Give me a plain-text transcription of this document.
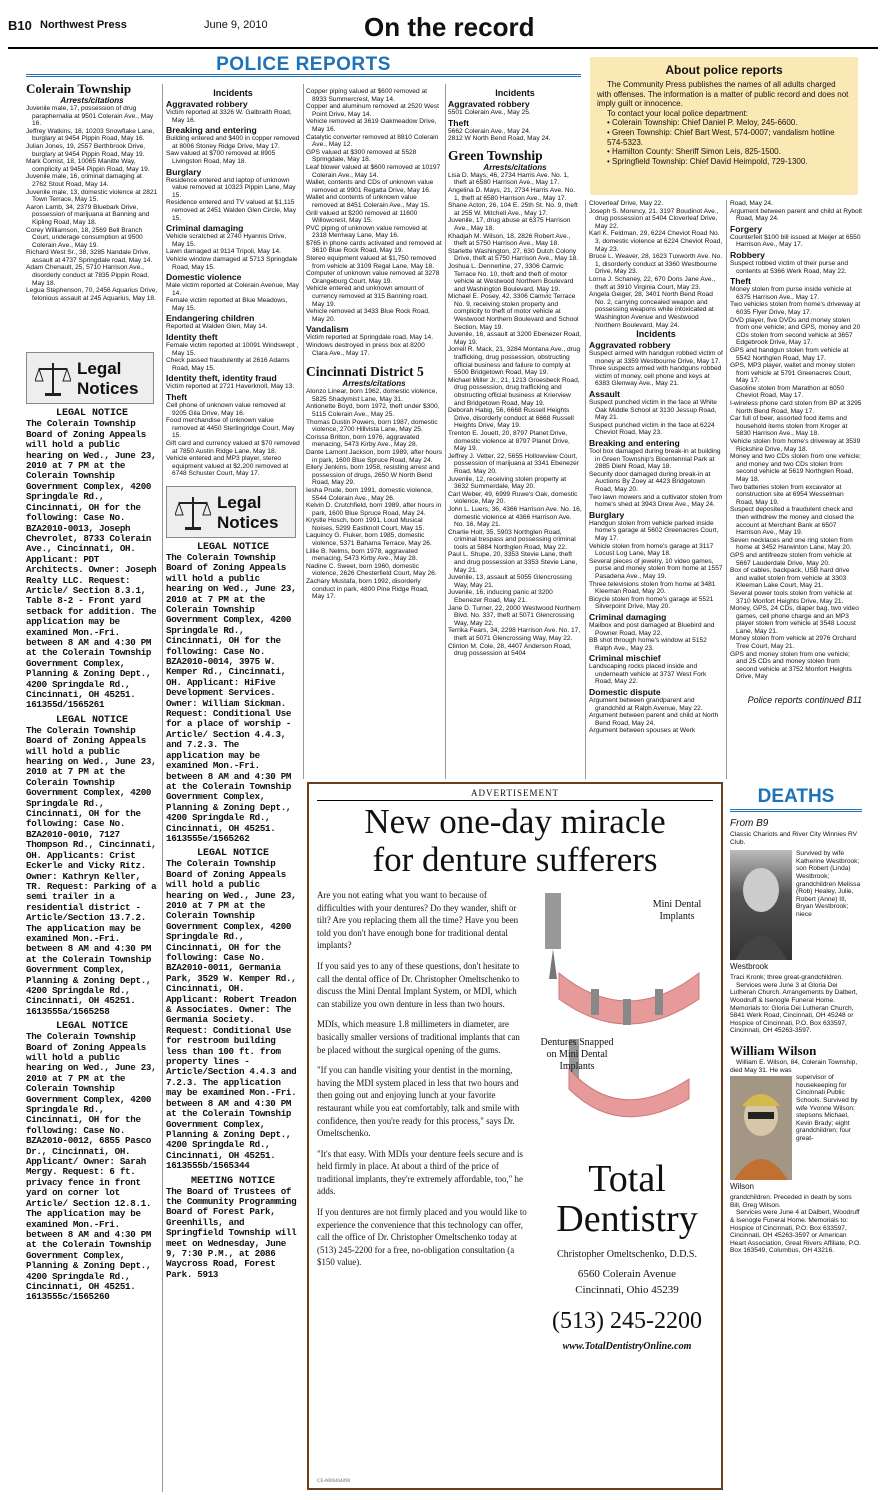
B10 Northwest Press	June 9, 2010	On the record
POLICE REPORTS	About police reports
The Community Press publishes the names of all adults charged with offenses. The information is a matter of public record and does not imply guilt or innocence.
To contact your local police department:
• Colerain Township: Chief Daniel P. Meloy, 245-6600.
• Green Township: Chief Bart West, 574-0007; vandalism hotline 574-5323.
• Hamilton County: Sheriff Simon Leis, 825-1500.
• Springfield Township: Chief David Heimpold, 729-1300.
Colerain Township
Arrests/citations

Juvenile male, 17, possession of drug paraphernalia at 9501 Colerain Ave., May 16.

Jeffrey Watkins, 18, 10203 Snowflake Lane, burglary at 9454 Pippin Road, May 16.

Julian Jones, 19, 2557 Berthbrook Drive, burglary at 9454 Pippin Road, May 19.

Mark Comist, 18, 10065 Manitte Way, complicity at 9454 Pippin Road, May 19.

Juvenile male, 16, criminal damaging at 2762 Stout Road, May 14.

Juvenile male, 13, domestic violence at 2821 Town Terrace, May 15.

Aaron Lamb, 34, 2379 Bluebark Drive, possession of marijuana at Banning and Kipling Road, May 18.

Corey Williamson, 18, 2569 Bell Branch Court, underage consumption at 9500 Colerain Ave., May 19.

Richard West Sr., 38, 3285 Nandale Drive, assault at 4737 Springdale road, May 14.

Adam Chenault, 25, 5710 Harrison Ave., disorderly conduct at 7835 Pippin Road, May 18.

Legua Stephenson, 70, 2456 Aquarius Drive, felonious assault at 245 Aquarius, May 18.

Legal
Notices
LEGAL NOTICE
The Colerain Township Board of Zoning Appeals will hold a public hearing on Wed., June 23, 2010 at 7 PM at the Colerain Township Government Complex, 4200 Springdale Rd., Cincinnati, OH for the following: Case No. BZA2010-0013, Joseph Chevrolet, 8733 Colerain Ave., Cincinnati, OH. Applicant: PDT Architects. Owner: Joseph Realty LLC. Request: Article/ Section 8.3.1, Table 8-2 - Front yard setback for addition. The application may be examined Mon.-Fri. between 8 AM and 4:30 PM at the Colerain Township Government Complex, Planning & Zoning Dept., 4200 Springdale Rd., Cincinnati, OH 45251. 161355d/1565261
LEGAL NOTICE
The Colerain Township Board of Zoning Appeals will hold a public hearing on Wed., June 23, 2010 at 7 PM at the Colerain Township Government Complex, 4200 Springdale Rd., Cincinnati, OH for the following: Case No. BZA2010-0010, 7127 Thompson Rd., Cincinnati, OH. Applicants: Crist Eckerle and Vicky Ritz. Owner: Kathryn Keller, TR. Request: Parking of a semi trailer in a residential district - Article/Section 13.7.2. The application may be examined Mon.-Fri. between 8 AM and 4:30 PM at the Colerain Township Government Complex, Planning & Zoning Dept., 4200 Springdale Rd., Cincinnati, OH 45251. 1613555a/1565258
LEGAL NOTICE
The Colerain Township Board of Zoning Appeals will hold a public hearing on Wed., June 23, 2010 at 7 PM at the Colerain Township Government Complex, 4200 Springdale Rd., Cincinnati, OH for the following: Case No. BZA2010-0012, 6855 Pasco Dr., Cincinnati, OH. Applicant/ Owner: Sarah Mergy. Request: 6 ft. privacy fence in front yard on corner lot Article/ Section 12.8.1. The application may be examined Mon.-Fri. between 8 AM and 4:30 PM at the Colerain Township Government Complex, Planning & Zoning Dept., 4200 Springdale Rd., Cincinnati, OH 45251. 1613555c/1565260
Incidents
Aggravated robbery

Victim reported at 3326 W. Galbraith Road, May 16.

Breaking and entering

Building entered and $400 in copper removed at 8006 Stoney Ridge Drive, May 17.

Saw valued at $700 removed at 8905 Livingston Road, May 18.

Burglary

Residence entered and laptop of unknown value removed at 10323 Pippin Lane, May 15.

Residence entered and TV valued at $1,115 removed at 2451 Walden Glen Circle, May 15.

Criminal damaging

Vehicle scratched at 2740 Hyannis Drive, May 15.

Lawn damaged at 9114 Tripoli, May 14.

Vehicle window damaged at 5713 Springdale Road, May 15.

Domestic violence

Male victim reported at Colerain Avenue, May 14.

Female victim reported at Blue Meadows, May 15.

Endangering children

Reported at Walden Glen, May 14.

Identity theft

Female victim reported at 10091 Windswept , May 15.

Check passed fraudulently at 2616 Adams Road, May 15.

Identity theft, identity fraud

Victim reported at 2721 Haverknoll, May 13.

Theft

Cell phone of unknown value removed at 9205 Gila Drive, May 16.

Food merchandise of unknown value removed at 4450 Sterlingridge Court, May 15.

Gift card and currency valued at $70 removed at 7850 Austin Ridge Lane, May 18.

Vehicle entered and MP3 player, stereo equipment valued at $2,200 removed at 6748 Schuster Court, May 17.

Legal
Notices
LEGAL NOTICE
The Colerain Township Board of Zoning Appeals will hold a public hearing on Wed., June 23, 2010 at 7 PM at the Colerain Township Government Complex, 4200 Springdale Rd., Cincinnati, OH for the following: Case No. BZA2010-0014, 3975 W. Kemper Rd., Cincinnati, OH. Applicant: HiFive Development Services. Owner: William Sickman. Request: Conditional Use for a place of worship - Article/ Section 4.4.3, and 7.2.3. The application may be examined Mon.-Fri. between 8 AM and 4:30 PM at the Colerain Township Government Complex, Planning & Zoning Dept., 4200 Springdale Rd., Cincinnati, OH 45251. 1613555e/1565262
LEGAL NOTICE
The Colerain Township Board of Zoning Appeals will hold a public hearing on Wed., June 23, 2010 at 7 PM at the Colerain Township Government Complex, 4200 Springdale Rd., Cincinnati, OH for the following: Case No. BZA2010-0011, Germania Park, 3529 W. Kemper Rd., Cincinnati, OH. Applicant: Robert Treadon & Associates. Owner: The Germania Society. Request: Conditional Use for restroom building less than 100 ft. from property lines - Article/Section 4.4.3 and 7.2.3. The application may be examined Mon.-Fri. between 8 AM and 4:30 PM at the Colerain Township Government Complex, Planning & Zoning Dept., 4200 Springdale Rd., Cincinnati, OH 45251. 1613555b/1565344
MEETING NOTICE
The Board of Trustees of the Community Programming Board of Forest Park, Greenhills, and Springfield Township will meet on Wednesday, June 9, 7:30 P.M., at 2086 Waycross Road, Forest Park. 5913

Copper piping valued at $600 removed at 8933 Summercrest, May 14.

Copper and aluminum removed at 2520 West Point Drive, May 14.

Vehicle removed at 3619 Oakmeadow Drive, May 16.

Catalytic converter removed at 8810 Colerain Ave., May 12.

GPS valued at $300 removed at 5528 Springdale, May 18.

Leaf blower valued at $600 removed at 10197 Colerain Ave., May 14.

Wallet, contents and CDs of unknown value removed at 9901 Regatta Drive, May 16.

Wallet and contents of unknown value removed at 8451 Colerain Ave., May 15.

Grill valued at $200 removed at 11600 Willowcrest, May 15.

PVC piping of unknown value removed at 2318 Merriway Lane, May 16.

$765 in phone cards activated and removed at 3610 Blue Rock Road, May 19.

Stereo equipment valued at $1,750 removed from vehicle at 3109 Regal Lane, May 18.

Computer of unknown value removed at 3278 Orangeburg Court, May 19.

Vehicle entered and unknown amount of currency removed at 315 Banning road, May 19.

Vehicle removed at 3433 Blue Rock Road, May 20.

Vandalism

Victim reported at Springdale road, May 14.

Windows destroyed in press box at 8200 Clara Ave., May 17.

Cincinnati District 5
Arrests/citations

Alonzo Linear, born 1962, domestic violence, 5825 Shadymist Lane, May 31.

Antionette Boyd, born 1972, theft under $300, 5115 Colerain Ave., May 25.

Thomas Dustin Powers, born 1987, domestic violence, 2700 Hillvista Lane, May 25.

Corissa Britton, born 1976, aggravated menacing, 5473 Kirby Ave., May 28.

Dante Lamont Jackson, born 1989, after hours in park, 1600 Blue Spruce Road, May 24.

Ellery Jenkins, born 1958, resisting arrest and possession of drugs, 2650 W North Bend Road, May 29.

Iesha Prude, born 1991, domestic violence, 5544 Colerain Ave., May 26.

Kelvin D. Crutchfield, born 1989, after hours in park, 1600 Blue Spruce Road, May 24.

Krystle Hosch, born 1991, Loud Musical Noises, 5299 Eastknoll Court, May 15.

Laquincy G. Fluker, born 1985, domestic violence, 5371 Bahama Terrace, May 26.

Lillie B. Nelms, born 1978, aggravated menacing, 5473 Kirby Ave., May 28.

Nadine C. Sweet, born 1960, domestic violence, 2626 Chesterfield Court, May 26.

Zachary Mustafa, born 1992, disorderly conduct in park, 4800 Pine Ridge Road, May 17.

Incidents
Aggravated robbery

5501 Colerain Ave., May 25.

Theft

5662 Colerain Ave., May 24.

2812 W North Bend Road, May 24.

Green Township
Arrests/citations

Lisa D. Mays, 46, 2734 Harris Ave. No. 1, theft at 6580 Harrison Ave., May 17.

Angelina D. Mays, 21, 2734 Harris Ave. No. 1, theft at 6580 Harrison Ave., May 17.

Shane Acton, 26, 104 E. 25th St. No. 9, theft at 255 W. Mitchell Ave., May 17.

Juvenile, 17, drug abuse at 6375 Harrison Ave., May 18.

Khadjah M. Wilson, 18, 2826 Robert Ave., theft at 5750 Harrison Ave., May 18.

Starlette Washington, 27, 630 Dutch Colony Drive, theft at 5750 Harrison Ave., May 18.

Joshua L. Dennerline, 27, 3306 Camvic Terrace No. 10, theft and theft of motor vehicle at Westwood Northern Boulevard and Washington Boulevard, May 19.

Michael E. Posey, 42, 3306 Camvic Terrace No. 9, receiving stolen property and complicity to theft of motor vehicle at Westwood Northern Boulevard and School Section, May 19.

Juvenile, 16, assault at 3200 Ebenezer Road, May 19.

Jorrell R. Mack, 21, 3284 Montana Ave., drug trafficking, drug possession, obstructing official business and failure to comply at 5500 Bridgetown Road, May 19.

Michael Miller Jr., 21, 1213 Groesbeck Road, drug possession, drug trafficking and obstructing official business at Krierview and Bridgetown Road, May 19.

Deborah Habig, 56, 6668 Russell Heights Drive, disorderly conduct at 6668 Russell Heights Drive, May 19.

Trenton E. Jouett, 20, 8797 Planet Drive, domestic violence at 8797 Planet Drive, May 19.

Jeffrey J. Vetter, 22, 5655 Hollowview Court, possession of marijuana at 3341 Ebenezer Road, May 20.

Juvenile, 12, receiving stolen property at 3632 Summerdale, May 20.

Carl Weber, 49, 6999 Ruwe's Oak, domestic violence, May 20.

John L. Luers, 36, 4366 Harrison Ave. No. 16, domestic violence at 4366 Harrison Ave. No. 16, May 21.

Charlie Holt, 35, 5903 Northglen Road, criminal trespass and possessing criminal tools at 5884 Northglen Road, May 22.

Paul L. Shupe, 20, 3353 Stevie Lane, theft and drug possession at 3353 Stevie Lane, May 21.

Juvenile, 13, assault at 5055 Glencrossing Way, May 21.

Juvenile, 16, inducing panic at 3200 Ebenezer Road, May 21.

Jane D. Turner, 22, 2000 Westwood Northern Blvd. No. 337, theft at 5071 Glencrossing Way, May 22.

Terrika Fears, 34, 2298 Harrison Ave. No. 17, theft at 5071 Glencrossing Way, May 22.

Clinton M. Cole, 28, 4407 Anderson Road, drug possession at 5404

Cloverleaf Drive, May 22.

Joseph S. Morency, 21, 3197 Boudinot Ave., drug possession at 5404 Cloverleaf Drive, May 22.

Karl K. Feldman, 29, 6224 Cheviot Road No. 3, domestic violence at 6224 Cheviot Road, May 23.

Bruce L. Weaver, 28, 1623 Tuxworth Ave. No. 1, disorderly conduct at 3360 Westbourne Drive, May 23.

Lorna J. Schaney, 22, 670 Doris Jane Ave., theft at 3910 Virginia Court, May 23.

Angela Geiger, 28, 3401 North Bend Road No. 2, carrying concealed weapon and possessing weapons while intoxicated at Washington Avenue and Westwood Northern Boulevard, May 24.

Incidents
Aggravated robbery

Suspect armed with handgun robbed victim of money at 3359 Westbourne Drive, May 17.

Three suspects armed with handguns robbed victim of money, cell phone and keys at 6383 Glenway Ave., May 21.

Assault

Suspect punched victim in the face at White Oak Middle School at 3130 Jessup Road, May 21.

Suspect punched victim in the face at 6224 Cheviot Road, May 23.

Breaking and entering

Tool box damaged during break-in at building in Green Township's Bicentennial Park at 2885 Diehl Road, May 18.

Security door damaged during break-in at Auctions By Zoey at 4423 Bridgetown Road, May 20.

Two lawn mowers and a cultivator stolen from home's shed at 3943 Drew Ave., May 24.

Burglary

Handgun stolen from vehicle parked inside home's garage at 5602 Greenacres Court, May 17.

Vehicle stolen from home's garage at 3117 Locust Log Lane, May 18.

Several pieces of jewelry, 10 video games, purse and money stolen from home at 1557 Pasadena Ave., May 19.

Three televisions stolen from home at 3481 Kleeman Road, May 20.

Bicycle stolen from home's garage at 5521 Silverpoint Drive, May 20.

Criminal damaging

Mailbox and post damaged at Bluebird and Powner Road, May 22.

BB shot through home's window at 5152 Ralph Ave., May 23.

Criminal mischief

Landscaping rocks placed inside and underneath vehicle at 3737 West Fork Road, May 22.

Domestic dispute

Argument between grandparent and grandchild at Ralph Avenue, May 22.

Argument between parent and child at North Bend Road, May 24.

Argument between spouses at Werk

Road, May 24.

Argument between parent and child at Rybolt Road, May 24.

Forgery

Counterfeit $100 bill issued at Meijer at 6550 Harrison Ave., May 17.

Robbery

Suspect robbed victim of their purse and contents at 5366 Werk Road, May 22.

Theft

Money stolen from purse inside vehicle at 6375 Harrison Ave., May 17.

Two vehicles stolen from home's driveway at 6035 Flyer Drive, May 17.

DVD player, five DVDs and money stolen from one vehicle; and GPS, money and 20 CDs stolen from second vehicle at 3657 Edgebrook Drive, May 17.

GPS and handgun stolen from vehicle at 5542 Northglen Road, May 17.

GPS, MP3 player, wallet and money stolen from vehicle at 5791 Greenacres Court, May 17.

Gasoline stolen from Marathon at 6050 Cheviot Road, May 17.

I-wireless phone card stolen from BP at 3295 North Bend Road, May 17.

Car full of beer, assorted food items and household items stolen from Kroger at 5830 Harrison Ave., May 18.

Vehicle stolen from home's driveway at 3539 Rickshire Drive, May 18.

Money and two CDs stolen from one vehicle; and money and two CDs stolen from second vehicle at 5619 Northglen Road, May 18.

Two batteries stolen from excavator at construction site at 6954 Wesselman Road, May 19.

Suspect deposited a fraudulent check and then withdrew the money and closed the account at Merchant Bank at 6507 Harrison Ave., May 19.

Seven necklaces and one ring stolen from home at 3452 Harwinton Lane, May 20.

GPS and antifreeze stolen from vehicle at 5667 Lauderdale Drive, May 20.

Box of cables, backpack, USB hard drive and wallet stolen from vehicle at 3303 Kleeman Lake Court, May 21.

Several power tools stolen from vehicle at 3710 Monfort Heights Drive, May 21.

Money, GPS, 24 CDs, diaper bag, two video games, cell phone charge and an MP3 player stolen from vehicle at 3548 Locust Lane, May 21.

Money stolen from vehicle at 2976 Orchard Tree Court, May 21.

GPS and money stolen from one vehicle; and 25 CDs and money stolen from second vehicle at 3752 Monfort Heights Drive, May

Police reports continued B11
DEATHS
From B9
Classic Chariots and River City Winnies RV Club.
Westbrook
Survived by wife Katherine Westbrook; son Robert (Linda) Westbrook; grandchildren Melissa (Rob) Healey, Julie, Robert (Anne) III, Bryan Westbrook; niece
Traci Kronk; three great-grandchildren.
Services were June 3 at Gloria Dei Lutheran Church. Arrangements by Dalbert, Woodruff & Isenogle Funeral Home. Memorials to: Gloria Dei Lutheran Church, 5841 Werk Road, Cincinnati, OH 45248 or Hospice of Cincinnati, P.O. Box 633597, Cincinnati, OH 45263-3597.
William Wilson
William E. Wilson, 84, Colerain Township, died May 31. He was
Wilson
supervisor of housekeeping for Cincinnati Public Schools. Survived by wife Yvonne Wilson; stepsons Michael, Kevin Brady; eight grandchildren; four great-
grandchildren. Preceded in death by sons Bill, Greg Wilson.
Services were June 4 at Dalbert, Woodruff & Isenogle Funeral Home. Memorials to: Hospice of Cincinnati, P.O. Box 633597, Cincinnati, OH 45263-3597 or American Heart Association, Great Rivers Affiliate, P.O. Box 163549, Columbus, OH 43216.
ADVERTISEMENT
New one-day miracle
for denture sufferers

Are you not eating what you want to because of difficulties with your dentures? Do they wander, shift or tilt? Are you replacing them all the time? Have you been told you don't have enough bone for traditional dental implants?

If you said yes to any of these questions, don't hesitate to call the dental office of Dr. Christopher Omeltschenko to discuss the Mini Dental Implant System, or MDI, which can stabilize you own denture in less than two hours.

MDIs, which measure 1.8 millimeters in diameter, are basically smaller versions of traditional implants that can be placed without the surgical opening of the gums.

"If you can handle visiting your dentist in the morning, having the MDI system placed in less that two hours and then going out and enjoying lunch at your favorite restaurant while you eat comfortably, talk and smile with confidence, then you're ready for this process," says Dr. Omeltschenko.

"It's that easy. With MDIs your denture feels secure and is held firmly in place. At about a third of the price of traditional implants, they're extremely affordable, too," he adds.

If you dentures are not firmly placed and you would like to experience the convenience that this technology can offer, call the office of Dr. Christopher Omeltschenko today at (513) 245-2200 for a free, no-obligation consultation (a $150 value).

Mini Dental Implants
Dentures Snapped on Mini Dental Implants
Total
Dentistry
Christopher Omeltschenko, D.D.S.
6560 Colerain Avenue
Cincinnati, Ohio 45239
(513) 245-2200
www.TotalDentistryOnline.com
CE-0000404898
